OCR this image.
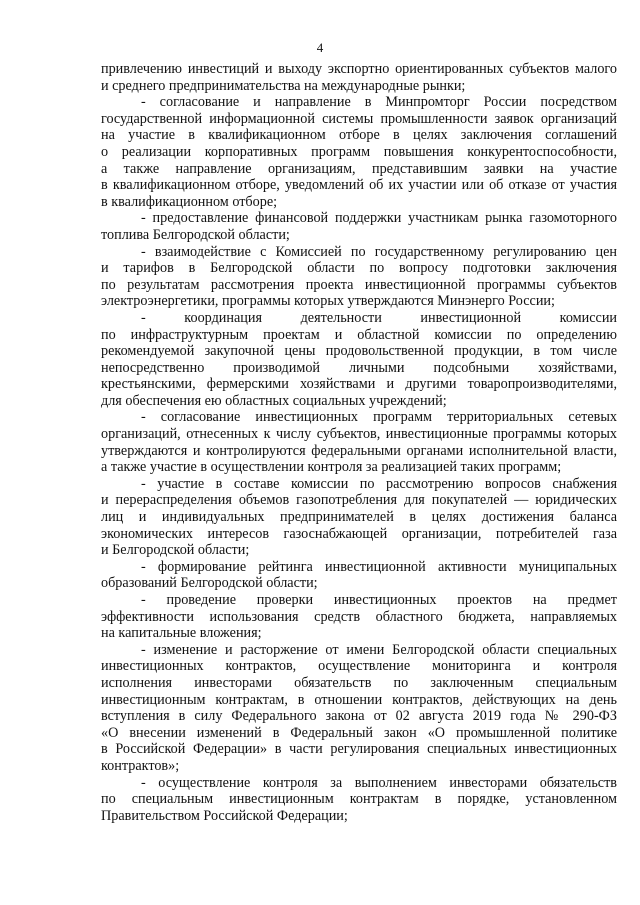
4
привлечению инвестиций и выходу экспортно ориентированных субъектов малого
и среднего предпринимательства на международные рынки;
- согласование и направление в Минпромторг России посредством
государственной информационной системы промышленности заявок организаций
на участие в квалификационном отборе в целях заключения соглашений
о реализации корпоративных программ повышения конкурентоспособности,
а также направление организациям, представившим заявки на участие
в квалификационном отборе, уведомлений об их участии или об отказе от участия
в квалификационном отборе;
- предоставление финансовой поддержки участникам рынка газомоторного
топлива Белгородской области;
- взаимодействие с Комиссией по государственному регулированию цен
и тарифов в Белгородской области по вопросу подготовки заключения
по результатам рассмотрения проекта инвестиционной программы субъектов
электроэнергетики, программы которых утверждаются Минэнерго России;
- координация деятельности инвестиционной комиссии
по инфраструктурным проектам и областной комиссии по определению
рекомендуемой закупочной цены продовольственной продукции, в том числе
непосредственно производимой личными подсобными хозяйствами,
крестьянскими, фермерскими хозяйствами и другими товаропроизводителями,
для обеспечения ею областных социальных учреждений;
- согласование инвестиционных программ территориальных сетевых
организаций, отнесенных к числу субъектов, инвестиционные программы которых
утверждаются и контролируются федеральными органами исполнительной власти,
а также участие в осуществлении контроля за реализацией таких программ;
- участие в составе комиссии по рассмотрению вопросов снабжения
и перераспределения объемов газопотребления для покупателей — юридических
лиц и индивидуальных предпринимателей в целях достижения баланса
экономических интересов газоснабжающей организации, потребителей газа
и Белгородской области;
- формирование рейтинга инвестиционной активности муниципальных
образований Белгородской области;
- проведение проверки инвестиционных проектов на предмет
эффективности использования средств областного бюджета, направляемых
на капитальные вложения;
- изменение и расторжение от имени Белгородской области специальных
инвестиционных контрактов, осуществление мониторинга и контроля
исполнения инвесторами обязательств по заключенным специальным
инвестиционным контрактам, в отношении контрактов, действующих на день
вступления в силу Федерального закона от 02 августа 2019 года № 290-ФЗ
«О внесении изменений в Федеральный закон «О промышленной политике
в Российской Федерации» в части регулирования специальных инвестиционных
контрактов»;
- осуществление контроля за выполнением инвесторами обязательств
по специальным инвестиционным контрактам в порядке, установленном
Правительством Российской Федерации;
